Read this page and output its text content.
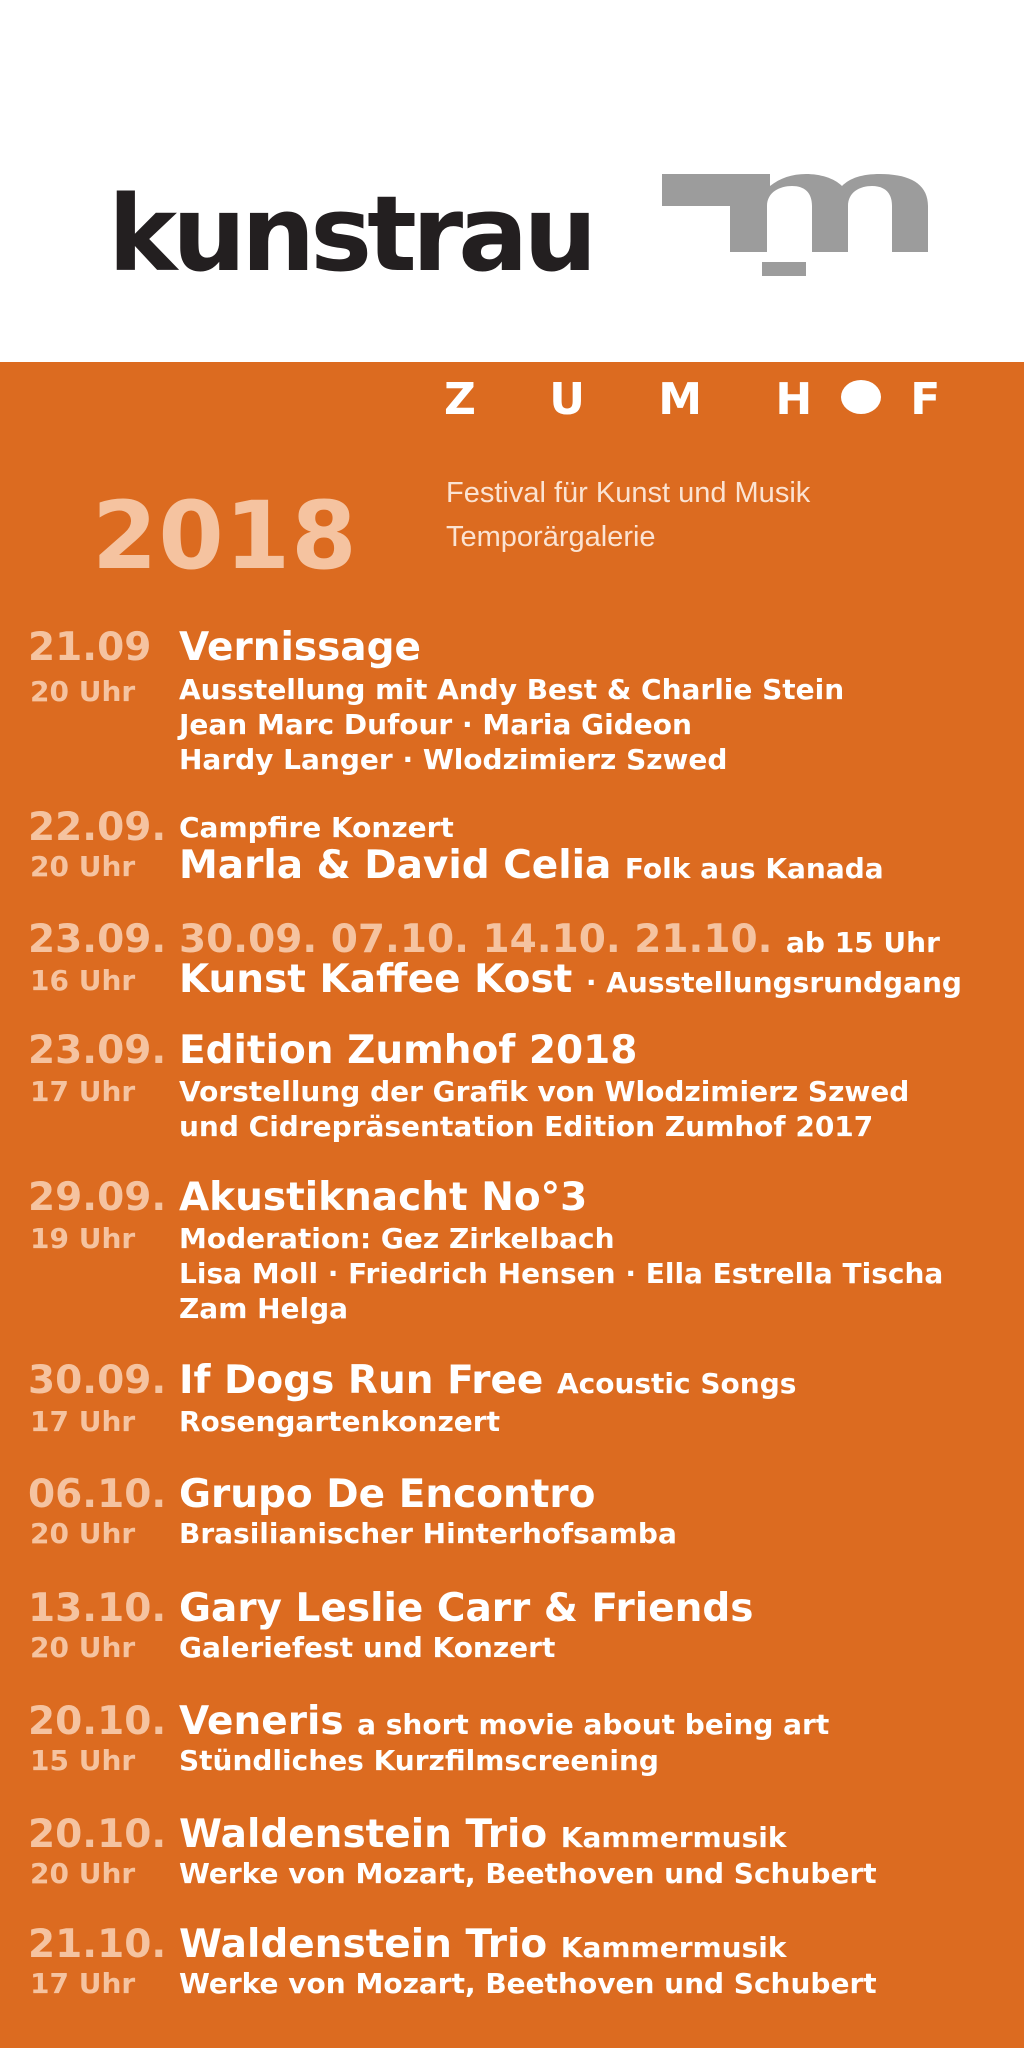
kunstrau
Z U M H F
2018	Festival für Kunst und Musik
Temporärgalerie
21.09
20 Uhr
Vernissage
Ausstellung mit Andy Best & Charlie Stein
Jean Marc Dufour · Maria Gideon
Hardy Langer · Wlodzimierz Szwed
22.09.
20 Uhr
Campfire Konzert
Marla & David Celia Folk aus Kanada
23.09.
16 Uhr
30.09. 07.10. 14.10. 21.10. ab 15 Uhr
Kunst Kaffee Kost · Ausstellungsrundgang
23.09.
17 Uhr
Edition Zumhof 2018
Vorstellung der Grafik von Wlodzimierz Szwed
und Cidrepräsentation Edition Zumhof 2017
29.09.
19 Uhr
Akustiknacht No°3
Moderation: Gez Zirkelbach
Lisa Moll · Friedrich Hensen · Ella Estrella Tischa
Zam Helga
30.09.
17 Uhr
If Dogs Run Free Acoustic Songs
Rosengartenkonzert
06.10.
20 Uhr
Grupo De Encontro
Brasilianischer Hinterhofsamba
13.10.
20 Uhr
Gary Leslie Carr & Friends
Galeriefest und Konzert
20.10.
15 Uhr
Veneris a short movie about being art
Stündliches Kurzfilmscreening
20.10.
20 Uhr
Waldenstein Trio Kammermusik
Werke von Mozart, Beethoven und Schubert
21.10.
17 Uhr
Waldenstein Trio Kammermusik
Werke von Mozart, Beethoven und Schubert
